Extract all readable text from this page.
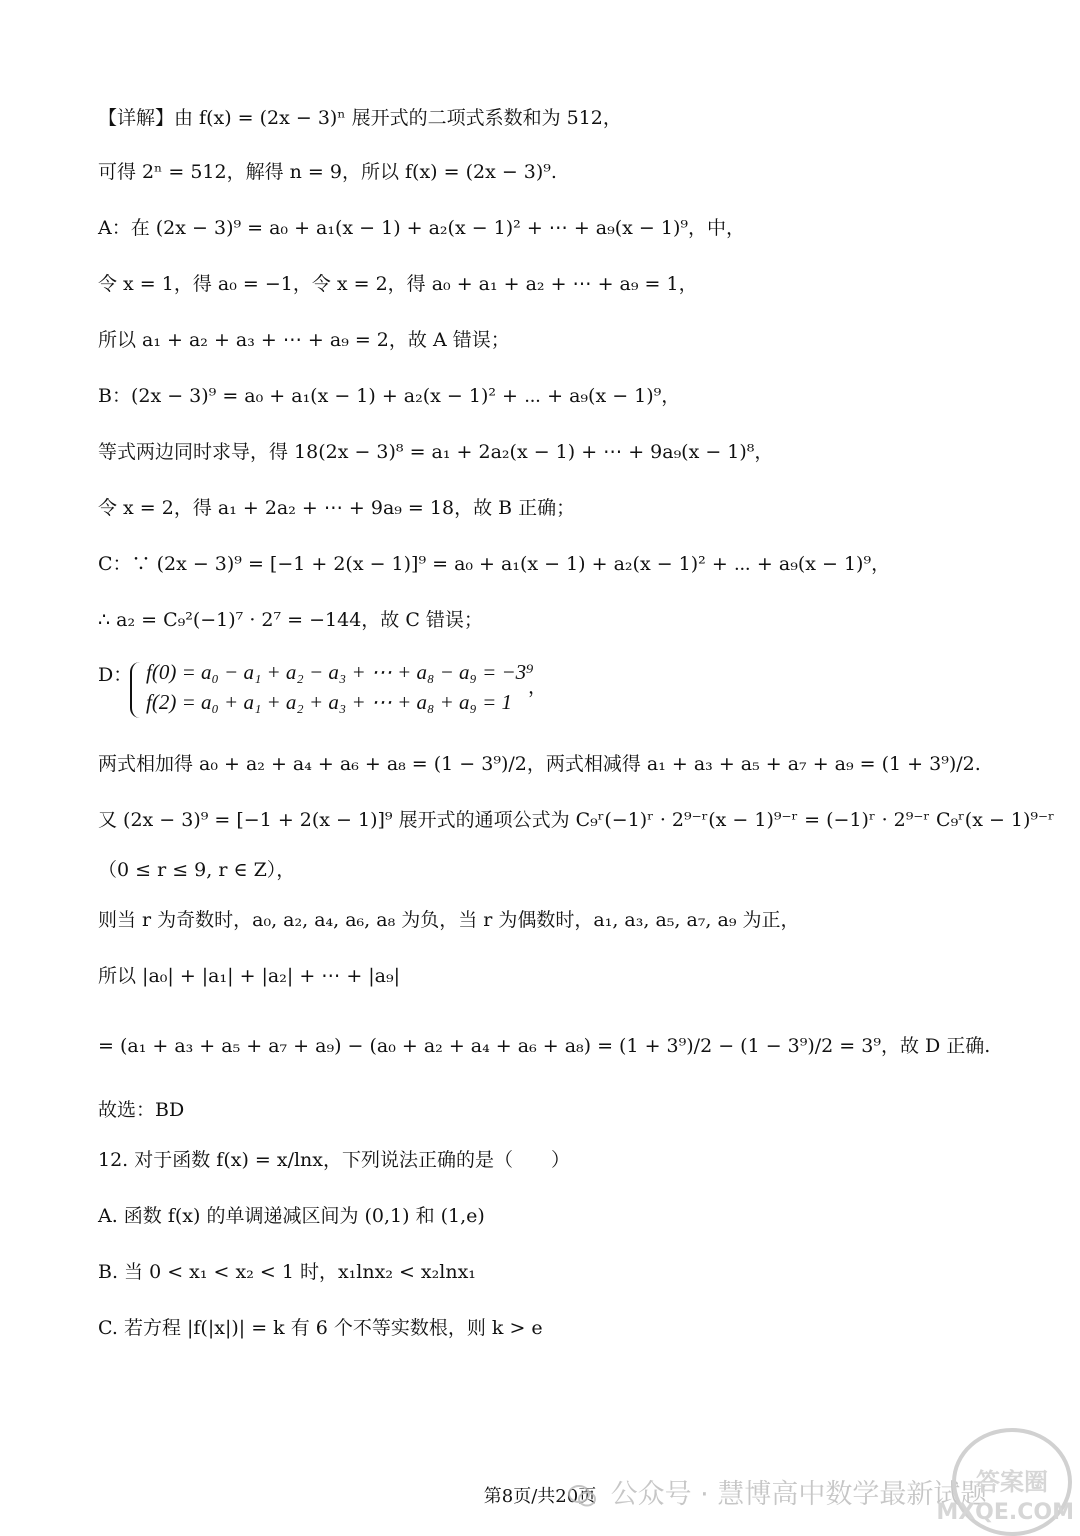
【详解】由 f(x) = (2x − 3)ⁿ 展开式的二项式系数和为 512，
可得 2ⁿ = 512，解得 n = 9，所以 f(x) = (2x − 3)⁹.
A：在 (2x − 3)⁹ = a₀ + a₁(x − 1) + a₂(x − 1)² + ⋯ + a₉(x − 1)⁹，中，
令 x = 1，得 a₀ = −1，令 x = 2，得 a₀ + a₁ + a₂ + ⋯ + a₉ = 1，
所以 a₁ + a₂ + a₃ + ⋯ + a₉ = 2，故 A 错误；
B：(2x − 3)⁹ = a₀ + a₁(x − 1) + a₂(x − 1)² + ⋯ + a₉(x − 1)⁹，
等式两边同时求导，得 18(2x − 3)⁸ = a₁ + 2a₂(x − 1) + ⋯ + 9a₉(x − 1)⁸，
令 x = 2，得 a₁ + 2a₂ + ⋯ + 9a₉ = 18，故 B 正确；
C：∵ (2x − 3)⁹ = [−1 + 2(x − 1)]⁹ = a₀ + a₁(x − 1) + a₂(x − 1)² + ⋯ + a₉(x − 1)⁹，
∴ a₂ = C₉²(−1)⁷ · 2⁷ = −144，故 C 错误；
两式相加得 a₀ + a₂ + a₄ + a₆ + a₈ = (1 − 3⁹)/2，两式相减得 a₁ + a₃ + a₅ + a₇ + a₉ = (1 + 3⁹)/2.
又 (2x − 3)⁹ = [−1 + 2(x − 1)]⁹ 展开式的通项公式为 C₉ʳ(−1)ʳ · 2⁹⁻ʳ(x − 1)⁹⁻ʳ = (−1)ʳ · 2⁹⁻ʳ C₉ʳ(x − 1)⁹⁻ʳ
（0 ≤ r ≤ 9, r ∈ Z），
则当 r 为奇数时，a₀, a₂, a₄, a₆, a₈ 为负，当 r 为偶数时，a₁, a₃, a₅, a₇, a₉ 为正，
所以 |a₀| + |a₁| + |a₂| + ⋯ + |a₉|
= (a₁ + a₃ + a₅ + a₇ + a₉) − (a₀ + a₂ + a₄ + a₆ + a₈) = (1 + 3⁹)/2 − (1 − 3⁹)/2 = 3⁹，故 D 正确.
故选：BD
12. 对于函数 f(x) = x/lnx，下列说法正确的是（　　）
A. 函数 f(x) 的单调递减区间为 (0,1) 和 (1,e)
B. 当 0 < x₁ < x₂ < 1 时，x₁lnx₂ < x₂lnx₁
C. 若方程 |f(|x|)| = k 有 6 个不等实数根，则 k > e
D： f(0) = a₀ − a₁ + a₂ − a₃ + ⋯ + a₈ − a₉ = −3⁹
f(2) = a₀ + a₁ + a₂ + a₃ + ⋯ + a₈ + a₉ = 1
，
第8页/共20页 公众号 · 慧博高中数学最新试题
答案圈
MXQE.COM
